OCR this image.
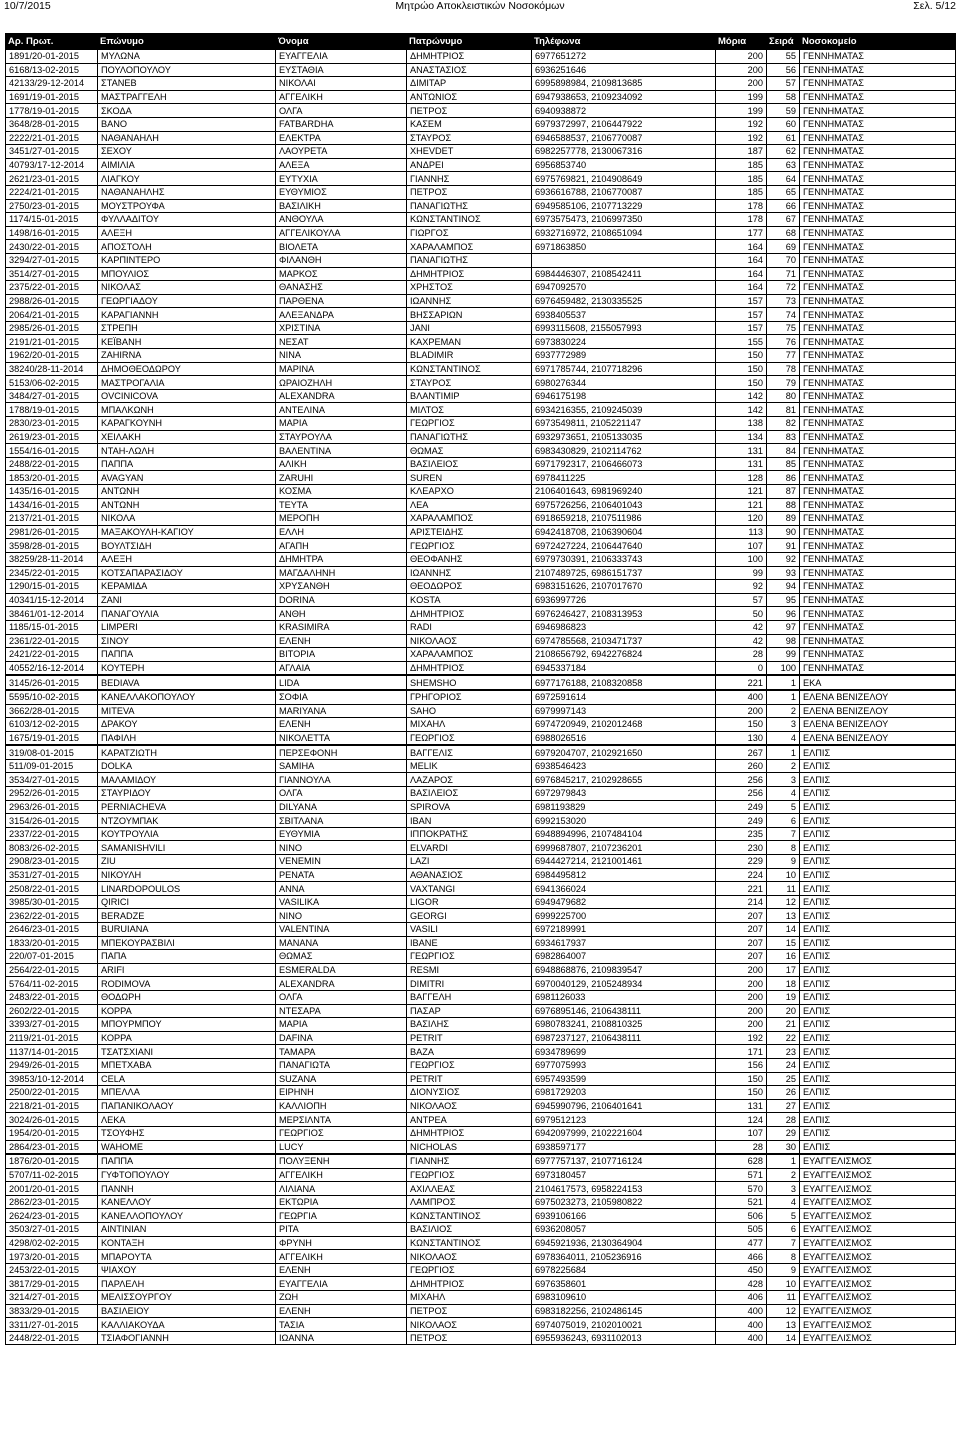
10/7/2015	Μητρώο Αποκλειστικών Νοσοκόμων	Σελ. 5/12
Αρ. Πρωτ.	Επώνυμο	Όνομα	Πατρώνυμο	Τηλέφωνα	Μόρια	Σειρά	Νοσοκομείο
1891/20-01-2015	ΜΥΛΩΝΑ	ΕΥΑΓΓΕΛΙΑ	ΔΗΜΗΤΡΙΟΣ	6977651272	200	55	ΓΕΝΝΗΜΑΤΑΣ
6168/13-02-2015	ΠΟΥΛΟΠΟΥΛΟΥ	ΕΥΣΤΑΘΙΑ	ΑΝΑΣΤΑΣΙΟΣ	6936251646	200	56	ΓΕΝΝΗΜΑΤΑΣ
42133/29-12-2014	ΣΤΑΝΕΒ	ΝΙΚΟΛΑΙ	ΔΙΜΙΤΑΡ	6995898984, 2109813685	200	57	ΓΕΝΝΗΜΑΤΑΣ
1691/19-01-2015	ΜΑΣΤΡΑΓΓΕΛΗ	ΑΓΓΕΛΙΚΗ	ΑΝΤΩΝΙΟΣ	6947938653, 2109234092	199	58	ΓΕΝΝΗΜΑΤΑΣ
1778/19-01-2015	ΣΚΟΔΑ	ΟΛΓΑ	ΠΕΤΡΟΣ	6940938872	199	59	ΓΕΝΝΗΜΑΤΑΣ
3648/28-01-2015	ΒΑΝΟ	FATBARDHA	ΚΑΣΕΜ	6979372997, 2106447922	192	60	ΓΕΝΝΗΜΑΤΑΣ
2222/21-01-2015	ΝΑΘΑΝΑΗΛΗ	ΕΛΕΚΤΡΑ	ΣΤΑΥΡΟΣ	6946588537, 2106770087	192	61	ΓΕΝΝΗΜΑΤΑΣ
3451/27-01-2015	ΣΕΧΟΥ	ΛΑΟΥΡΕΤΑ	XHEVDET	6982257778, 2130067316	187	62	ΓΕΝΝΗΜΑΤΑΣ
40793/17-12-2014	ΑΙΜΙΛΙΑ	ΑΛΕΞΑ	ΑΝΔΡΕΙ	6956853740	185	63	ΓΕΝΝΗΜΑΤΑΣ
2621/23-01-2015	ΛΙΑΓΚΟΥ	ΕΥΤΥΧΙΑ	ΓΙΑΝΝΗΣ	6975769821, 2104908649	185	64	ΓΕΝΝΗΜΑΤΑΣ
2224/21-01-2015	ΝΑΘΑΝΑΗΛΗΣ	ΕΥΘΥΜΙΟΣ	ΠΕΤΡΟΣ	6936616788, 2106770087	185	65	ΓΕΝΝΗΜΑΤΑΣ
2750/23-01-2015	ΜΟΥΣΤΡΟΥΦΑ	ΒΑΣΙΛΙΚΗ	ΠΑΝΑΓΙΩΤΗΣ	6949585106, 2107713229	178	66	ΓΕΝΝΗΜΑΤΑΣ
1174/15-01-2015	ΦΥΛΛΑΔΙΤΟΥ	ΑΝΘΟΥΛΑ	ΚΩΝΣΤΑΝΤΙΝΟΣ	6973575473, 2106997350	178	67	ΓΕΝΝΗΜΑΤΑΣ
1498/16-01-2015	ΑΛΕΞΗ	ΑΓΓΕΛΙΚΟΥΛΑ	ΓΙΩΡΓΟΣ	6932716972, 2108651094	177	68	ΓΕΝΝΗΜΑΤΑΣ
2430/22-01-2015	ΑΠΟΣΤΟΛΗ	ΒΙΟΛΕΤΑ	ΧΑΡΑΛΑΜΠΟΣ	6971863850	164	69	ΓΕΝΝΗΜΑΤΑΣ
3294/27-01-2015	ΚΑΡΠΙΝΤΕΡΟ	ΦΙΛΑΝΘΗ	ΠΑΝΑΓΙΩΤΗΣ		164	70	ΓΕΝΝΗΜΑΤΑΣ
3514/27-01-2015	ΜΠΟΥΛΙΟΣ	ΜΑΡΚΟΣ	ΔΗΜΗΤΡΙΟΣ	6984446307, 2108542411	164	71	ΓΕΝΝΗΜΑΤΑΣ
2375/22-01-2015	ΝΙΚΟΛΑΣ	ΘΑΝΑΣΗΣ	ΧΡΗΣΤΟΣ	6947092570	164	72	ΓΕΝΝΗΜΑΤΑΣ
2988/26-01-2015	ΓΕΩΡΓΙΑΔΟΥ	ΠΑΡΘΕΝΑ	ΙΩΑΝΝΗΣ	6976459482, 2130335525	157	73	ΓΕΝΝΗΜΑΤΑΣ
2064/21-01-2015	ΚΑΡΑΓΙΑΝΝΗ	ΑΛΕΞΑΝΔΡΑ	ΒΗΣΣΑΡΙΩΝ	6938405537	157	74	ΓΕΝΝΗΜΑΤΑΣ
2985/26-01-2015	ΣΤΡΕΠΗ	ΧΡΙΣΤΙΝΑ	JANI	6993115608, 2155057993	157	75	ΓΕΝΝΗΜΑΤΑΣ
2191/21-01-2015	ΚΕΪΒΑΝΗ	ΝΕΣΑΤ	ΚΑΧΡΕΜΑΝ	6973830224	155	76	ΓΕΝΝΗΜΑΤΑΣ
1962/20-01-2015	ZAHIRNA	ΝΙΝΑ	BLADIMIR	6937772989	150	77	ΓΕΝΝΗΜΑΤΑΣ
38240/28-11-2014	ΔΗΜΟΘΕΟΔΩΡΟΥ	ΜΑΡΙΝΑ	ΚΩΝΣΤΑΝΤΙΝΟΣ	6971785744, 2107718296	150	78	ΓΕΝΝΗΜΑΤΑΣ
5153/06-02-2015	ΜΑΣΤΡΟΓΑΛΙΑ	ΩΡΑΙΟΖΗΛΗ	ΣΤΑΥΡΟΣ	6980276344	150	79	ΓΕΝΝΗΜΑΤΑΣ
3484/27-01-2015	OVCINICOVA	ALEXANDRA	ΒΛΑΝΤΙΜΙΡ	6946175198	142	80	ΓΕΝΝΗΜΑΤΑΣ
1788/19-01-2015	ΜΠΑΛΚΩΝΗ	ΑΝΤΕΛΙΝΑ	ΜΙΛΤΟΣ	6934216355, 2109245039	142	81	ΓΕΝΝΗΜΑΤΑΣ
2830/23-01-2015	ΚΑΡΑΓΚΟΥΝΗ	ΜΑΡΙΑ	ΓΕΩΡΓΙΟΣ	6973549811, 2105221147	138	82	ΓΕΝΝΗΜΑΤΑΣ
2619/23-01-2015	ΧΕΙΛΑΚΗ	ΣΤΑΥΡΟΥΛΑ	ΠΑΝΑΓΙΩΤΗΣ	6932973651, 2105133035	134	83	ΓΕΝΝΗΜΑΤΑΣ
1554/16-01-2015	ΝΤΑΗ-ΛΩΛΗ	ΒΑΛΕΝΤΙΝΑ	ΘΩΜΑΣ	6983430829, 2102114762	131	84	ΓΕΝΝΗΜΑΤΑΣ
2488/22-01-2015	ΠΑΠΠΑ	ΑΛΙΚΗ	ΒΑΣΙΛΕΙΟΣ	6971792317, 2106466073	131	85	ΓΕΝΝΗΜΑΤΑΣ
1853/20-01-2015	AVAGYAN	ZARUHI	SUREN	6978411225	128	86	ΓΕΝΝΗΜΑΤΑΣ
1435/16-01-2015	ΑΝΤΩΝΗ	ΚΟΣΜΑ	ΚΛΕΑΡΧΟ	2106401643, 6981969240	121	87	ΓΕΝΝΗΜΑΤΑΣ
1434/16-01-2015	ΑΝΤΩΝΗ	ΤΕΥΤΑ	ΛΕΑ	6975726256, 2106401043	121	88	ΓΕΝΝΗΜΑΤΑΣ
2137/21-01-2015	ΝΙΚΟΛΑ	ΜΕΡΟΠΗ	ΧΑΡΑΛΑΜΠΟΣ	6918659218, 2107511986	120	89	ΓΕΝΝΗΜΑΤΑΣ
2981/26-01-2015	ΜΑΞΑΚΟΥΛΗ-ΚΑΓΙΟΥ	ΕΛΛΗ	ΑΡΙΣΤΕΙΔΗΣ	6942418708, 2106390604	113	90	ΓΕΝΝΗΜΑΤΑΣ
3598/28-01-2015	ΒΟΥΛΤΣΙΔΗ	ΑΓΑΠΗ	ΓΕΩΡΓΙΟΣ	6972427224, 2106447640	107	91	ΓΕΝΝΗΜΑΤΑΣ
38259/28-11-2014	ΑΛΕΞΗ	ΔΗΜΗΤΡΑ	ΘΕΟΦΑΝΗΣ	6979730391, 2106333743	100	92	ΓΕΝΝΗΜΑΤΑΣ
2345/22-01-2015	ΚΟΤΣΑΠΑΡΑΣΙΔΟΥ	ΜΑΓΔΑΛΗΝΗ	ΙΩΑΝΝΗΣ	2107489725, 6986151737	99	93	ΓΕΝΝΗΜΑΤΑΣ
1290/15-01-2015	ΚΕΡΑΜΙΔΑ	ΧΡΥΣΑΝΘΗ	ΘΕΟΔΩΡΟΣ	6983151626, 2107017670	92	94	ΓΕΝΝΗΜΑΤΑΣ
40341/15-12-2014	ZANI	DORINA	KOSTA	6936997726	57	95	ΓΕΝΝΗΜΑΤΑΣ
38461/01-12-2014	ΠΑΝΑΓΟΥΛΙΑ	ΑΝΘΗ	ΔΗΜΗΤΡΙΟΣ	6976246427, 2108313953	50	96	ΓΕΝΝΗΜΑΤΑΣ
1185/15-01-2015	LIMPERI	KRASIMIRA	RADI	6946986823	42	97	ΓΕΝΝΗΜΑΤΑΣ
2361/22-01-2015	ΣΙΝΟΥ	ΕΛΕΝΗ	ΝΙΚΟΛΑΟΣ	6974785568, 2103471737	42	98	ΓΕΝΝΗΜΑΤΑΣ
2421/22-01-2015	ΠΑΠΠΑ	ΒΙΤΟΡΙΑ	ΧΑΡΑΛΑΜΠΟΣ	2108656792, 6942276824	28	99	ΓΕΝΝΗΜΑΤΑΣ
40552/16-12-2014	ΚΟΥΤΕΡΗ	ΑΓΛΑΙΑ	ΔΗΜΗΤΡΙΟΣ	6945337184	0	100	ΓΕΝΝΗΜΑΤΑΣ
3145/26-01-2015	BEDIAVA	LIDA	SHEMSHO	6977176188, 2108320858	221	1	ΕΚΑ
5595/10-02-2015	ΚΑΝΕΛΛΑΚΟΠΟΥΛΟΥ	ΣΟΦΙΑ	ΓΡΗΓΟΡΙΟΣ	6972591614	400	1	ΕΛΕΝΑ ΒΕΝΙΖΕΛΟΥ
3662/28-01-2015	MITEVA	MARIYANA	SAHO	6979997143	200	2	ΕΛΕΝΑ ΒΕΝΙΖΕΛΟΥ
6103/12-02-2015	ΔΡΑΚΟΥ	ΕΛΕΝΗ	ΜΙΧΑΗΛ	6974720949, 2102012468	150	3	ΕΛΕΝΑ ΒΕΝΙΖΕΛΟΥ
1675/19-01-2015	ΠΑΦΙΛΗ	ΝΙΚΟΛΕΤΤΑ	ΓΕΩΡΓΙΟΣ	6988026516	130	4	ΕΛΕΝΑ ΒΕΝΙΖΕΛΟΥ
319/08-01-2015	ΚΑΡΑΤΖΙΩΤΗ	ΠΕΡΣΕΦΟΝΗ	ΒΑΓΓΕΛΙΣ	6979204707, 2102921650	267	1	ΕΛΠΙΣ
511/09-01-2015	DOLKA	SAMIHA	MELIK	6938546423	260	2	ΕΛΠΙΣ
3534/27-01-2015	ΜΑΛΑΜΙΔΟΥ	ΓΙΑΝΝΟΥΛΑ	ΛΑΖΑΡΟΣ	6976845217, 2102928655	256	3	ΕΛΠΙΣ
2952/26-01-2015	ΣΤΑΥΡΙΔΟΥ	ΟΛΓΑ	ΒΑΣΙΛΕΙΟΣ	6972979843	256	4	ΕΛΠΙΣ
2963/26-01-2015	PERNIACHEVA	DILYANA	SPIROVA	6981193829	249	5	ΕΛΠΙΣ
3154/26-01-2015	ΝΤΖΟΥΜΠΑΚ	ΣΒΙΤΛΑΝΑ	ΙΒΑΝ	6992153020	249	6	ΕΛΠΙΣ
2337/22-01-2015	ΚΟΥΤΡΟΥΛΙΑ	ΕΥΘΥΜΙΑ	ΙΠΠΟΚΡΑΤΗΣ	6948894996, 2107484104	235	7	ΕΛΠΙΣ
8083/26-02-2015	SAMANISHVILI	ΝΙΝΟ	ELVARDI	6999687807, 2107236201	230	8	ΕΛΠΙΣ
2908/23-01-2015	ZIU	VENEMIN	LAZI	6944427214, 2121001461	229	9	ΕΛΠΙΣ
3531/27-01-2015	ΝΙΚΟΥΛΗ	ΡΕΝΑΤΑ	ΑΘΑΝΑΣΙΟΣ	6984495812	224	10	ΕΛΠΙΣ
2508/22-01-2015	LINARDOPOULOS	ANNA	VAXTANGI	6941366024	221	11	ΕΛΠΙΣ
3985/30-01-2015	QIRICI	VASILIKA	LIGOR	6949479682	214	12	ΕΛΠΙΣ
2362/22-01-2015	BERADZE	ΝΙΝΟ	GEORGI	6999225700	207	13	ΕΛΠΙΣ
2646/23-01-2015	BURUIANA	VALENTINA	VASILI	6972189991	207	14	ΕΛΠΙΣ
1833/20-01-2015	ΜΠΕΚΟΥΡΑΣΒΙΛΙ	ΜΑΝΑΝΑ	ΙΒΑΝΕ	6934617937	207	15	ΕΛΠΙΣ
220/07-01-2015	ΠΑΠΑ	ΘΩΜΑΣ	ΓΕΩΡΓΙΟΣ	6982864007	207	16	ΕΛΠΙΣ
2564/22-01-2015	ARIFI	ESMERALDA	RESMI	6948868876, 2109839547	200	17	ΕΛΠΙΣ
5764/11-02-2015	RODIMOVA	ALEXANDRA	DIMITRI	6970040129, 2105248934	200	18	ΕΛΠΙΣ
2483/22-01-2015	ΘΟΔΩΡΗ	ΟΛΓΑ	ΒΑΓΓΕΛΗ	6981126033	200	19	ΕΛΠΙΣ
2602/22-01-2015	ΚΟΡΡΑ	ΝΤΕΣΑΡΑ	ΠΑΣΑΡ	6976895146, 2106438111	200	20	ΕΛΠΙΣ
3393/27-01-2015	ΜΠΟΥΡΜΠΟΥ	ΜΑΡΙΑ	ΒΑΣΙΛΗΣ	6980783241, 2108810325	200	21	ΕΛΠΙΣ
2119/21-01-2015	ΚΟΡΡΑ	DAFINA	PETRIT	6987237127, 2106438111	192	22	ΕΛΠΙΣ
1137/14-01-2015	ΤΣΑΤΣΧΙΑΝΙ	ΤΑΜΑΡΑ	ΒΑΖΑ	6934789699	171	23	ΕΛΠΙΣ
2949/26-01-2015	ΜΠΕΤΧΑΒΑ	ΠΑΝΑΓΙΩΤΑ	ΓΕΩΡΓΙΟΣ	6977075993	156	24	ΕΛΠΙΣ
39853/10-12-2014	CELA	SUZANA	PETRIT	6957493599	150	25	ΕΛΠΙΣ
2500/22-01-2015	ΜΠΕΛΛΑ	ΕΙΡΗΝΗ	ΔΙΟΝΥΣΙΟΣ	6981729203	150	26	ΕΛΠΙΣ
2218/21-01-2015	ΠΑΠΑΝΙΚΟΛΑΟΥ	ΚΑΛΛΙΟΠΗ	ΝΙΚΟΛΑΟΣ	6945990796, 2106401641	131	27	ΕΛΠΙΣ
3024/26-01-2015	ΛΕΚΑ	ΜΕΡΣΙΛΝΤΑ	ΑΝΤΡΕΑ	6979512123	124	28	ΕΛΠΙΣ
1954/20-01-2015	ΤΣΟΥΦΗΣ	ΓΕΩΡΓΙΟΣ	ΔΗΜΗΤΡΙΟΣ	6942097999, 2102221604	107	29	ΕΛΠΙΣ
2864/23-01-2015	WAHOME	LUCY	NICHOLAS	6938597177	28	30	ΕΛΠΙΣ
1876/20-01-2015	ΠΑΠΠΑ	ΠΟΛΥΞΕΝΗ	ΓΙΑΝΝΗΣ	6977757137, 2107716124	628	1	ΕΥΑΓΓΕΛΙΣΜΟΣ
5707/11-02-2015	ΓΥΦΤΟΠΟΥΛΟΥ	ΑΓΓΕΛΙΚΗ	ΓΕΩΡΓΙΟΣ	6973180457	571	2	ΕΥΑΓΓΕΛΙΣΜΟΣ
2001/20-01-2015	ΠΑΝΝΗ	ΛΙΛΙΑΝΑ	ΑΧΙΛΛΕΑΣ	2104617573, 6958224153	570	3	ΕΥΑΓΓΕΛΙΣΜΟΣ
2862/23-01-2015	ΚΑΝΕΛΛΟΥ	ΕΚΤΩΡΙΑ	ΛΑΜΠΡΟΣ	6975023273, 2105980822	521	4	ΕΥΑΓΓΕΛΙΣΜΟΣ
2624/23-01-2015	ΚΑΝΕΛΛΟΠΟΥΛΟΥ	ΓΕΩΡΓΙΑ	ΚΩΝΣΤΑΝΤΙΝΟΣ	6939106166	506	5	ΕΥΑΓΓΕΛΙΣΜΟΣ
3503/27-01-2015	ΑΙΝΤΙΝΙΑΝ	ΡΙΤΑ	ΒΑΣΙΛΙΟΣ	6936208057	505	6	ΕΥΑΓΓΕΛΙΣΜΟΣ
4298/02-02-2015	ΚΟΝΤΑΞΗ	ΦΡΥΝΗ	ΚΩΝΣΤΑΝΤΙΝΟΣ	6945921936, 2130364904	477	7	ΕΥΑΓΓΕΛΙΣΜΟΣ
1973/20-01-2015	ΜΠΑΡΟΥΤΑ	ΑΓΓΕΛΙΚΗ	ΝΙΚΟΛΑΟΣ	6978364011, 2105236916	466	8	ΕΥΑΓΓΕΛΙΣΜΟΣ
2453/22-01-2015	ΨΙΑΧΟΥ	ΕΛΕΝΗ	ΓΕΩΡΓΙΟΣ	6978225684	450	9	ΕΥΑΓΓΕΛΙΣΜΟΣ
3817/29-01-2015	ΠΑΡΛΕΛΗ	ΕΥΑΓΓΕΛΙΑ	ΔΗΜΗΤΡΙΟΣ	6976358601	428	10	ΕΥΑΓΓΕΛΙΣΜΟΣ
3214/27-01-2015	ΜΕΛΙΣΣΟΥΡΓΟΥ	ΖΩΗ	ΜΙΧΑΗΛ	6983109610	406	11	ΕΥΑΓΓΕΛΙΣΜΟΣ
3833/29-01-2015	ΒΑΣΙΛΕΙΟΥ	ΕΛΕΝΗ	ΠΕΤΡΟΣ	6983182256, 2102486145	400	12	ΕΥΑΓΓΕΛΙΣΜΟΣ
3311/27-01-2015	ΚΑΛΛΙΑΚΟΥΔΑ	ΤΑΣΙΑ	ΝΙΚΟΛΑΟΣ	6974075019, 2102010021	400	13	ΕΥΑΓΓΕΛΙΣΜΟΣ
2448/22-01-2015	ΤΣΙΑΦΟΓΙΑΝΝΗ	ΙΩΑΝΝΑ	ΠΕΤΡΟΣ	6955936243, 6931102013	400	14	ΕΥΑΓΓΕΛΙΣΜΟΣ
